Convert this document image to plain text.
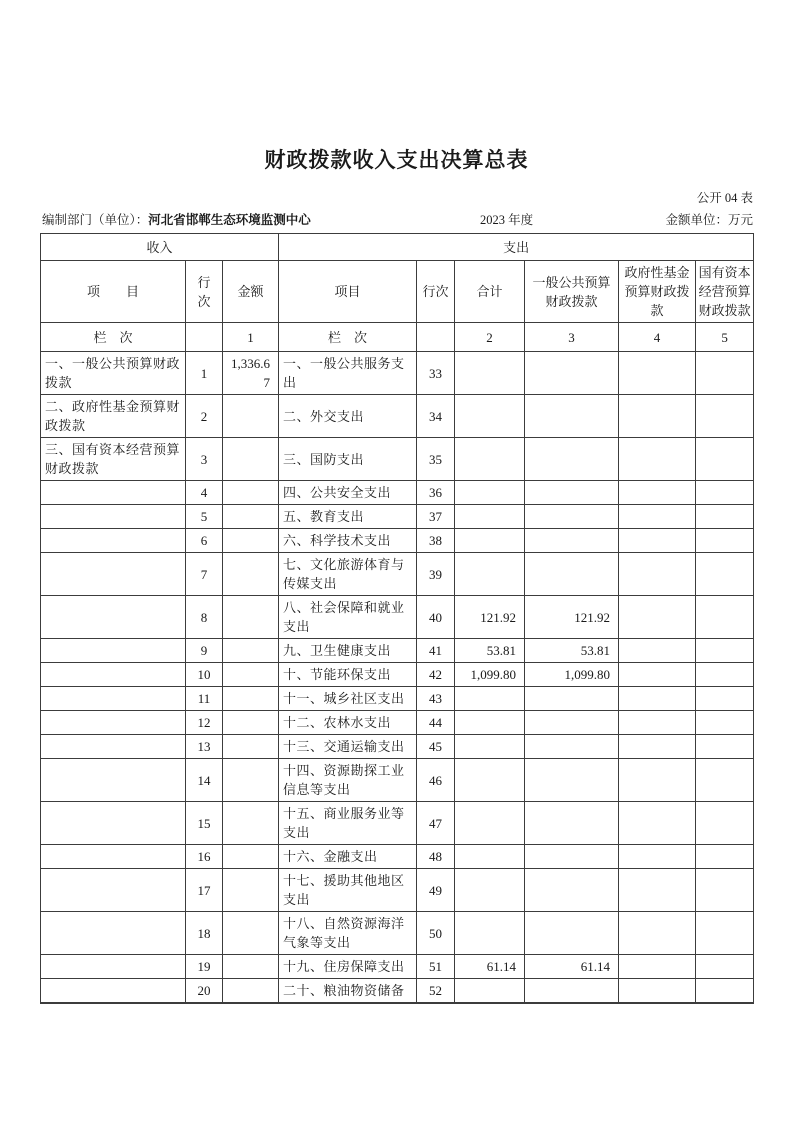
财政拨款收入支出决算总表
公开 04 表
编制部门（单位）：河北省邯郸生态环境监测中心	2023 年度	金额单位：万元
收入			支出					
项　　目	行次	金额	项目	行次	合计	一般公共预算财政拨款	政府性基金预算财政拨款	国有资本经营预算财政拨款
栏　次		1	栏　次		2	3	4	5
一、一般公共预算财政拨款	1	1,336.67	一、一般公共服务支出	33				
二、政府性基金预算财政拨款	2		二、外交支出	34				
三、国有资本经营预算财政拨款	3		三、国防支出	35				
	4		四、公共安全支出	36				
	5		五、教育支出	37				
	6		六、科学技术支出	38				
	7		七、文化旅游体育与传媒支出	39				
	8		八、社会保障和就业支出	40	121.92	121.92		
	9		九、卫生健康支出	41	53.81	53.81		
	10		十、节能环保支出	42	1,099.80	1,099.80		
	11		十一、城乡社区支出	43				
	12		十二、农林水支出	44				
	13		十三、交通运输支出	45				
	14		十四、资源勘探工业信息等支出	46				
	15		十五、商业服务业等支出	47				
	16		十六、金融支出	48				
	17		十七、援助其他地区支出	49				
	18		十八、自然资源海洋气象等支出	50				
	19		十九、住房保障支出	51	61.14	61.14		
	20		二十、粮油物资储备	52				
